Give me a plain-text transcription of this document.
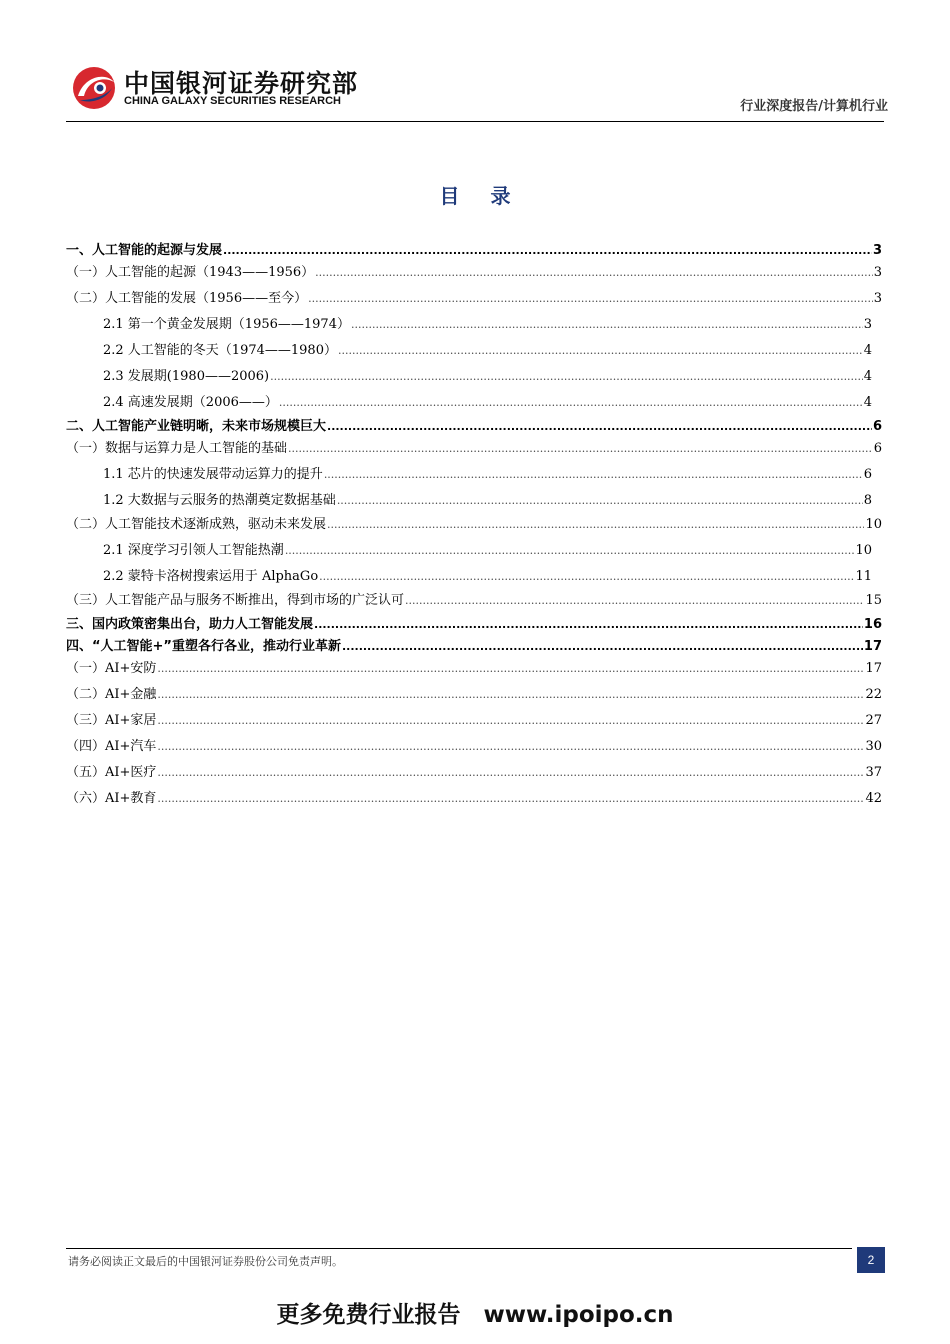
中国银河证券研究部
CHINA GALAXY SECURITIES RESEARCH	行业深度报告/计算机行业
目 录
一、人工智能的起源与发展 .....	3
（一）人工智能的起源（1943——1956） .....	3
（二）人工智能的发展（1956——至今） .....	3
2.1 第一个黄金发展期（1956——1974） .....	3
2.2 人工智能的冬天（1974——1980） .....	4
2.3 发展期(1980——2006) .....	4
2.4 高速发展期（2006——） .....	4
二、人工智能产业链明晰，未来市场规模巨大 .....	6
（一）数据与运算力是人工智能的基础 .....	6
1.1 芯片的快速发展带动运算力的提升 .....	6
1.2 大数据与云服务的热潮奠定数据基础 .....	8
（二）人工智能技术逐渐成熟，驱动未来发展 .....	10
2.1 深度学习引领人工智能热潮 .....	10
2.2 蒙特卡洛树搜索运用于 AlphaGo .....	11
（三）人工智能产品与服务不断推出，得到市场的广泛认可 .....	15
三、国内政策密集出台，助力人工智能发展 .....	16
四、“人工智能+”重塑各行各业，推动行业革新 .....	17
（一）AI+安防 .....	17
（二）AI+金融 .....	22
（三）AI+家居 .....	27
（四）AI+汽车 .....	30
（五）AI+医疗 .....	37
（六）AI+教育 .....	42
请务必阅读正文最后的中国银河证券股份公司免责声明。	2
更多免费行业报告　www.ipoipo.cn
